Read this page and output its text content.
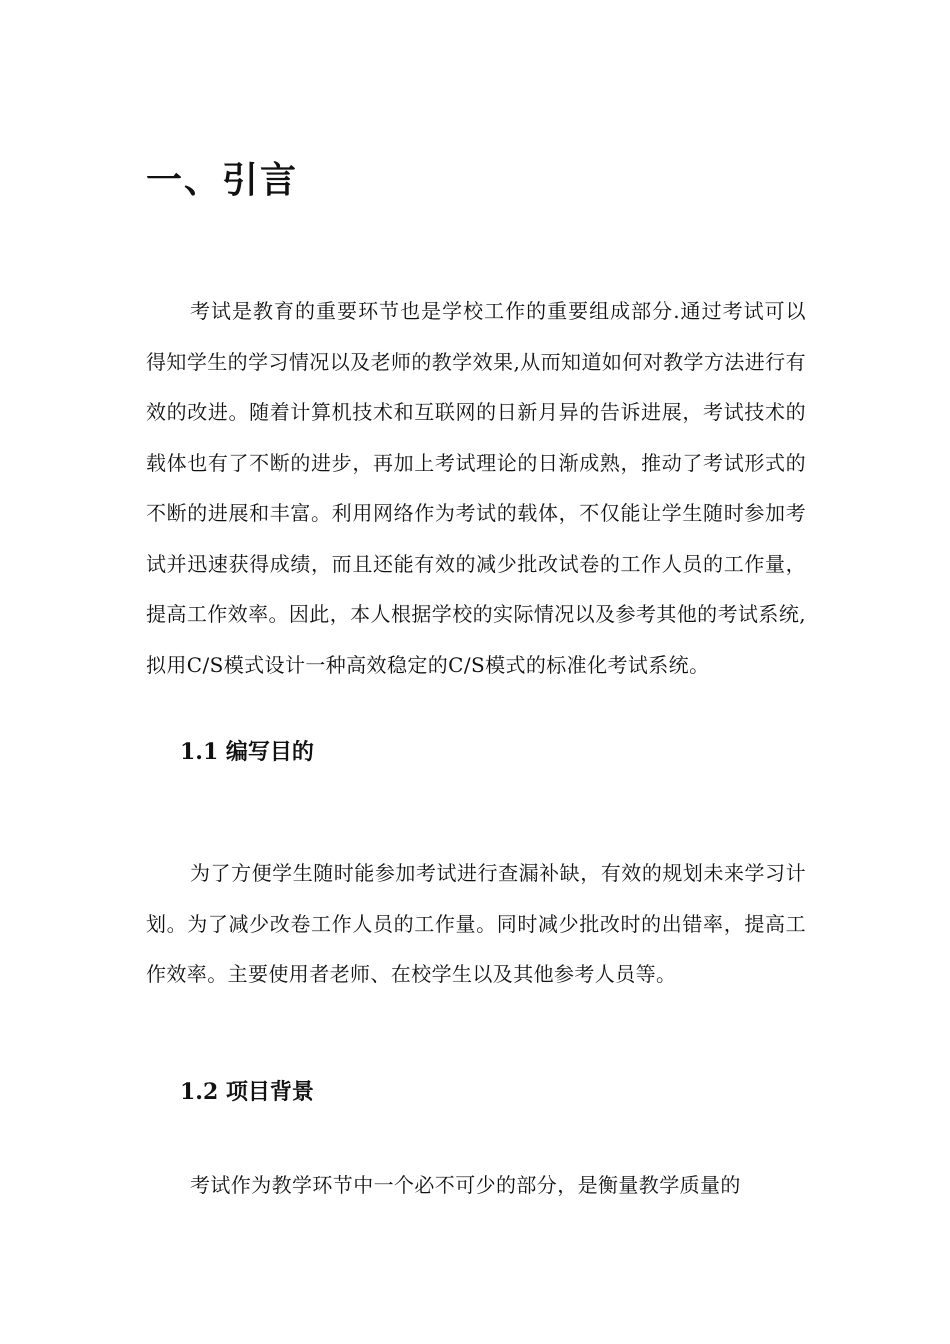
一、引言

考试是教育的重要环节也是学校工作的重要组成部分.通过考试可以得知学生的学习情况以及老师的教学效果,从而知道如何对教学方法进行有效的改进。随着计算机技术和互联网的日新月异的告诉进展，考试技术的载体也有了不断的进步，再加上考试理论的日渐成熟，推动了考试形式的不断的进展和丰富。利用网络作为考试的载体，不仅能让学生随时参加考试并迅速获得成绩，而且还能有效的减少批改试卷的工作人员的工作量，提高工作效率。因此，本人根据学校的实际情况以及参考其他的考试系统,拟用C/S模式设计一种高效稳定的C/S模式的标准化考试系统。

1.1 编写目的

为了方便学生随时能参加考试进行查漏补缺，有效的规划未来学习计划。为了减少改卷工作人员的工作量。同时减少批改时的出错率，提高工作效率。主要使用者老师、在校学生以及其他参考人员等。

1.2 项目背景

考试作为教学环节中一个必不可少的部分，是衡量教学质量的
